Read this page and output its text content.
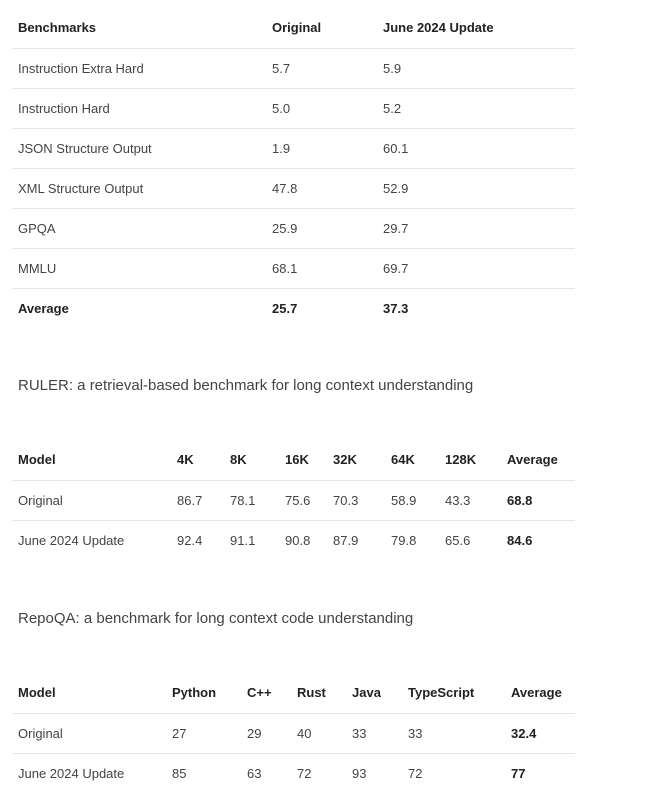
Benchmarks	Original	June 2024 Update
Instruction Extra Hard	5.7	5.9
Instruction Hard	5.0	5.2
JSON Structure Output	1.9	60.1
XML Structure Output	47.8	52.9
GPQA	25.9	29.7
MMLU	68.1	69.7
Average	25.7	37.3

RULER: a retrieval-based benchmark for long context understanding

Model	4K	8K	16K	32K	64K	128K	Average
Original	86.7	78.1	75.6	70.3	58.9	43.3	68.8
June 2024 Update	92.4	91.1	90.8	87.9	79.8	65.6	84.6

RepoQA: a benchmark for long context code understanding

Model	Python	C++	Rust	Java	TypeScript	Average
Original	27	29	40	33	33	32.4
June 2024 Update	85	63	72	93	72	77
